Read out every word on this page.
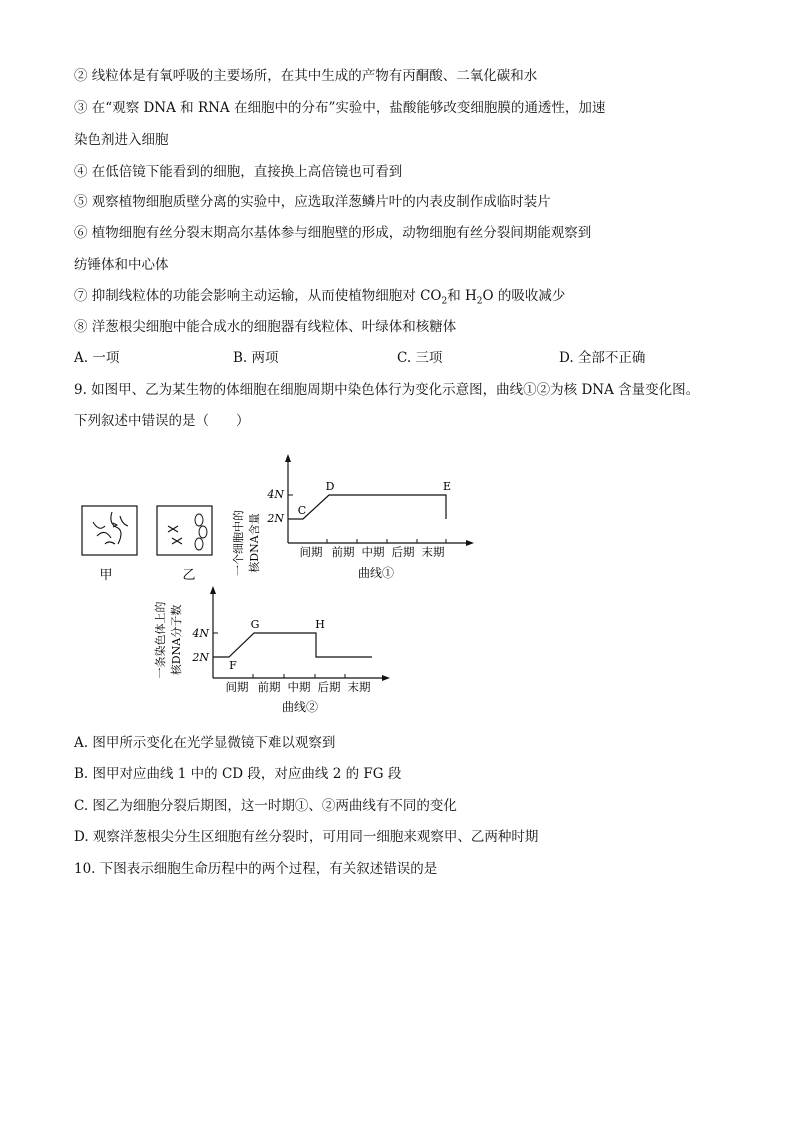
② 线粒体是有氧呼吸的主要场所，在其中生成的产物有丙酮酸、二氧化碳和水
③ 在“观察 DNA 和 RNA 在细胞中的分布”实验中，盐酸能够改变细胞膜的通透性，加速
染色剂进入细胞
④ 在低倍镜下能看到的细胞，直接换上高倍镜也可看到
⑤ 观察植物细胞质壁分离的实验中，应选取洋葱鳞片叶的内表皮制作成临时装片
⑥ 植物细胞有丝分裂末期高尔基体参与细胞壁的形成，动物细胞有丝分裂间期能观察到
纺锤体和中心体
⑦ 抑制线粒体的功能会影响主动运输，从而使植物细胞对 $CO_2$和 $H_2O$ 的吸收减少
⑧ 洋葱根尖细胞中能合成水的细胞器有线粒体、叶绿体和核糖体
A. 一项	B. 两项	C. 三项	D. 全部不正确
9. 如图甲、乙为某生物的体细胞在细胞周期中染色体行为变化示意图，曲线①②为核 DNA 含量变化图。
下列叙述中错误的是（　　）
甲	乙	一个细胞中的 核DNA含量
4N
2N
C
D	E
间期 前期 中期 后期 末期
曲线①
一条染色体上的 核DNA分子数 4N
2N
F
G	H
间期 前期 中期 后期 末期
曲线②
A. 图甲所示变化在光学显微镜下难以观察到
B. 图甲对应曲线 1 中的 CD 段，对应曲线 2 的 FG 段
C. 图乙为细胞分裂后期图，这一时期①、②两曲线有不同的变化
D. 观察洋葱根尖分生区细胞有丝分裂时，可用同一细胞来观察甲、乙两种时期
10. 下图表示细胞生命历程中的两个过程，有关叙述错误的是
